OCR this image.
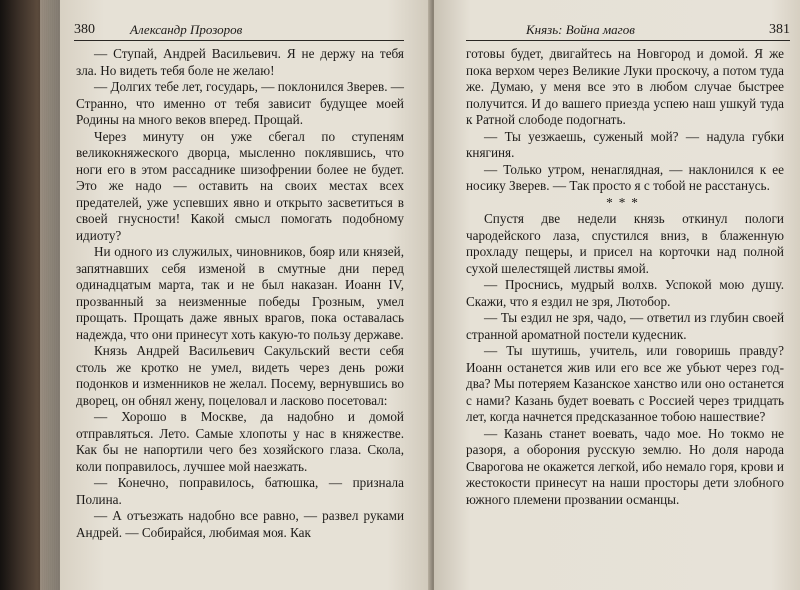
380	Александр Прозоров

— Ступай, Андрей Васильевич. Я не держу на тебя зла. Но видеть тебя боле не желаю!

— Долгих тебе лет, государь, — поклонился Зверев. — Странно, что именно от тебя зависит будущее моей Родины на много веков вперед. Прощай.

Через минуту он уже сбегал по ступеням великокняжеского дворца, мысленно поклявшись, что ноги его в этом рассаднике шизофрении более не будет. Это же надо — оставить на своих местах всех предателей, уже успевших явно и открыто засветиться в своей гнусности! Какой смысл помогать подобному идиоту?

Ни одного из служилых, чиновников, бояр или князей, запятнавших себя изменой в смутные дни перед одинадцатым марта, так и не был наказан. Иоанн IV, прозванный за неизменные победы Грозным, умел прощать. Прощать даже явных врагов, пока оставалась надежда, что они принесут хоть какую-то пользу державе.

Князь Андрей Васильевич Сакульский вести себя столь же кротко не умел, видеть через день рожи подонков и изменников не желал. Посему, вернувшись во дворец, он обнял жену, поцеловал и ласково посетовал:

— Хорошо в Москве, да надобно и домой отправляться. Лето. Самые хлопоты у нас в княжестве. Как бы не напортили чего без хозяйского глаза. Скола, коли поправилось, лучшее мой наезжать.

— Конечно, поправилось, батюшка, — признала Полина.

— А отъезжать надобно все равно, — развел руками Андрей. — Собирайся, любимая моя. Как

Князь: Война магов	381

готовы будет, двигайтесь на Новгород и домой. Я же пока верхом через Великие Луки проскочу, а потом туда же. Думаю, у меня все это в любом случае быстрее получится. И до вашего приезда успею наш ушкуй туда к Ратной слободе подогнать.

— Ты уезжаешь, суженый мой? — надула губки княгиня.

— Только утром, ненаглядная, — наклонился к ее носику Зверев. — Так просто я с тобой не расстанусь.

***

Спустя две недели князь откинул пологи чародейского лаза, спустился вниз, в блаженную прохладу пещеры, и присел на корточки над полной сухой шелестящей листвы ямой.

— Проснись, мудрый волхв. Успокой мою душу. Скажи, что я ездил не зря, Лютобор.

— Ты ездил не зря, чадо, — ответил из глубин своей странной ароматной постели кудесник.

— Ты шутишь, учитель, или говоришь правду? Иоанн останется жив или его все же убьют через год-два? Мы потеряем Казанское ханство или оно останется с нами? Казань будет воевать с Россией через тридцать лет, когда начнется предсказанное тобою нашествие?

— Казань станет воевать, чадо мое. Но токмо не разоря, а оборония русскую землю. Но доля народа Сварогова не окажется легкой, ибо немало горя, крови и жестокости принесут на наши просторы дети злобного южного племени прозвании османцы.
